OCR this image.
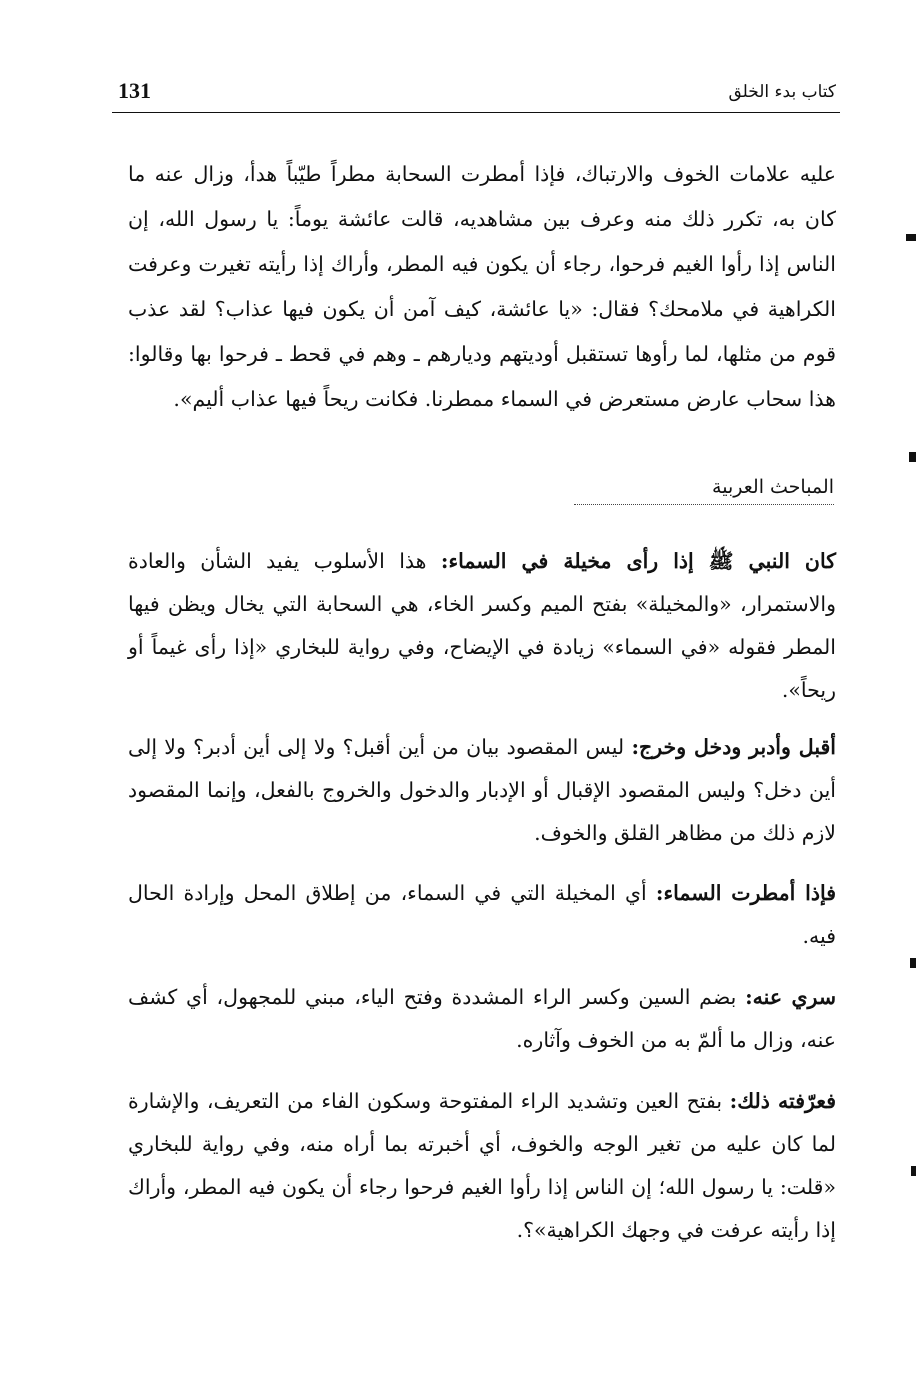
131	كتاب بدء الخلق

عليه علامات الخوف والارتباك، فإذا أمطرت السحابة مطراً طيّباً هدأ، وزال عنه ما كان به، تكرر ذلك منه وعرف بين مشاهديه، قالت عائشة يوماً: يا رسول الله، إن الناس إذا رأوا الغيم فرحوا، رجاء أن يكون فيه المطر، وأراك إذا رأيته تغيرت وعرفت الكراهية في ملامحك؟ فقال: «يا عائشة، كيف آمن أن يكون فيها عذاب؟ لقد عذب قوم من مثلها، لما رأوها تستقبل أوديتهم وديارهم ـ وهم في قحط ـ فرحوا بها وقالوا: هذا سحاب عارض مستعرض في السماء ممطرنا. فكانت ريحاً فيها عذاب أليم».

المباحث العربية

كان النبي ﷺ إذا رأى مخيلة في السماء: هذا الأسلوب يفيد الشأن والعادة والاستمرار، «والمخيلة» بفتح الميم وكسر الخاء، هي السحابة التي يخال ويظن فيها المطر فقوله «في السماء» زيادة في الإيضاح، وفي رواية للبخاري «إذا رأى غيماً أو ريحاً».

أقبل وأدبر ودخل وخرج: ليس المقصود بيان من أين أقبل؟ ولا إلى أين أدبر؟ ولا إلى أين دخل؟ وليس المقصود الإقبال أو الإدبار والدخول والخروج بالفعل، وإنما المقصود لازم ذلك من مظاهر القلق والخوف.

فإذا أمطرت السماء: أي المخيلة التي في السماء، من إطلاق المحل وإرادة الحال فيه.

سري عنه: بضم السين وكسر الراء المشددة وفتح الياء، مبني للمجهول، أي كشف عنه، وزال ما ألمّ به من الخوف وآثاره.

فعرّفته ذلك: بفتح العين وتشديد الراء المفتوحة وسكون الفاء من التعريف، والإشارة لما كان عليه من تغير الوجه والخوف، أي أخبرته بما أراه منه، وفي رواية للبخاري «قلت: يا رسول الله؛ إن الناس إذا رأوا الغيم فرحوا رجاء أن يكون فيه المطر، وأراك إذا رأيته عرفت في وجهك الكراهية»؟.
